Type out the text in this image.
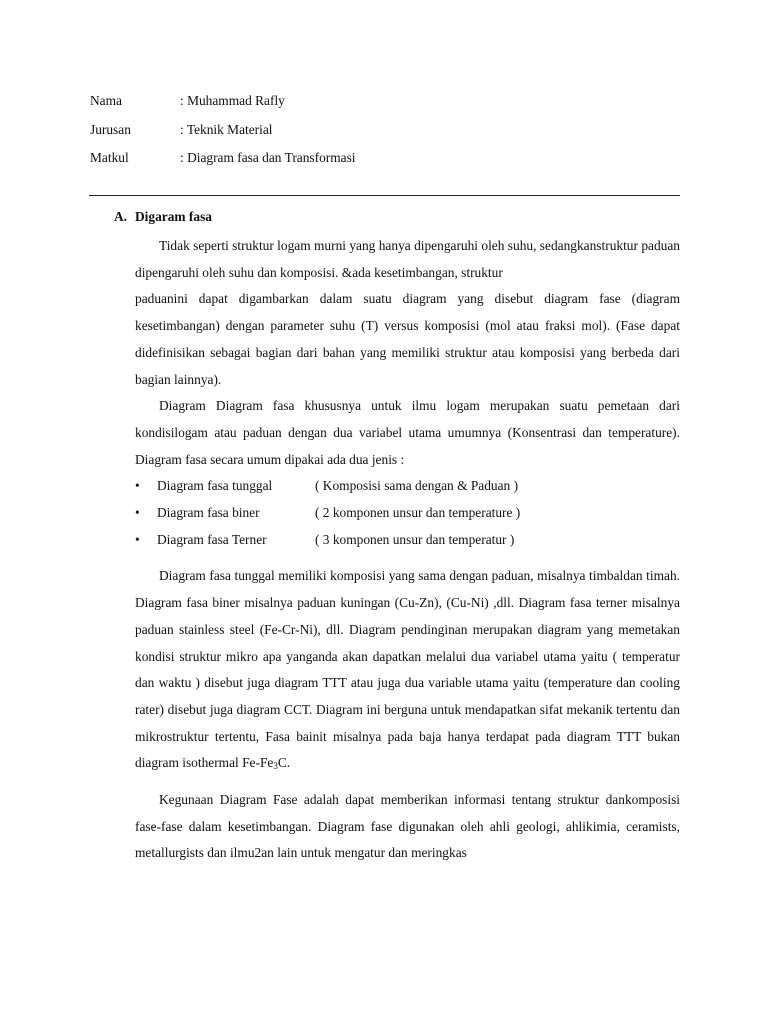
Nama	: Muhammad Rafly
Jurusan	: Teknik Material
Matkul	: Diagram fasa dan Transformasi
A. Digaram fasa

Tidak seperti struktur logam murni yang hanya dipengaruhi oleh suhu, sedangkanstruktur paduan dipengaruhi oleh suhu dan komposisi. &ada kesetimbangan, struktur

paduanini dapat digambarkan dalam suatu diagram yang disebut diagram fase (diagram kesetimbangan) dengan parameter suhu (T) versus komposisi (mol atau fraksi mol). (Fase dapat didefinisikan sebagai bagian dari bahan yang memiliki struktur atau komposisi yang berbeda dari bagian lainnya).

Diagram Diagram fasa khususnya untuk ilmu logam merupakan suatu pemetaan dari kondisilogam atau paduan dengan dua variabel utama umumnya (Konsentrasi dan temperature). Diagram fasa secara umum dipakai ada dua jenis :

•	Diagram fasa tunggal	( Komposisi sama dengan & Paduan )
•	Diagram fasa biner	( 2 komponen unsur dan temperature )
•	Diagram fasa Terner	( 3 komponen unsur dan temperatur )

Diagram fasa tunggal memiliki komposisi yang sama dengan paduan, misalnya timbaldan timah. Diagram fasa biner misalnya paduan kuningan (Cu-Zn), (Cu-Ni) ,dll. Diagram fasa terner misalnya paduan stainless steel (Fe-Cr-Ni), dll. Diagram pendinginan merupakan diagram yang memetakan kondisi struktur mikro apa yanganda akan dapatkan melalui dua variabel utama yaitu ( temperatur dan waktu ) disebut juga diagram TTT atau juga dua variable utama yaitu (temperature dan cooling rater) disebut juga diagram CCT. Diagram ini berguna untuk mendapatkan sifat mekanik tertentu dan mikrostruktur tertentu, Fasa bainit misalnya pada baja hanya terdapat pada diagram TTT bukan diagram isothermal $Fe-Fe_3C$.

Kegunaan Diagram Fase adalah dapat memberikan informasi tentang struktur dankomposisi fase-fase dalam kesetimbangan. Diagram fase digunakan oleh ahli geologi, ahlikimia, ceramists, metallurgists dan ilmu2an lain untuk mengatur dan meringkas
